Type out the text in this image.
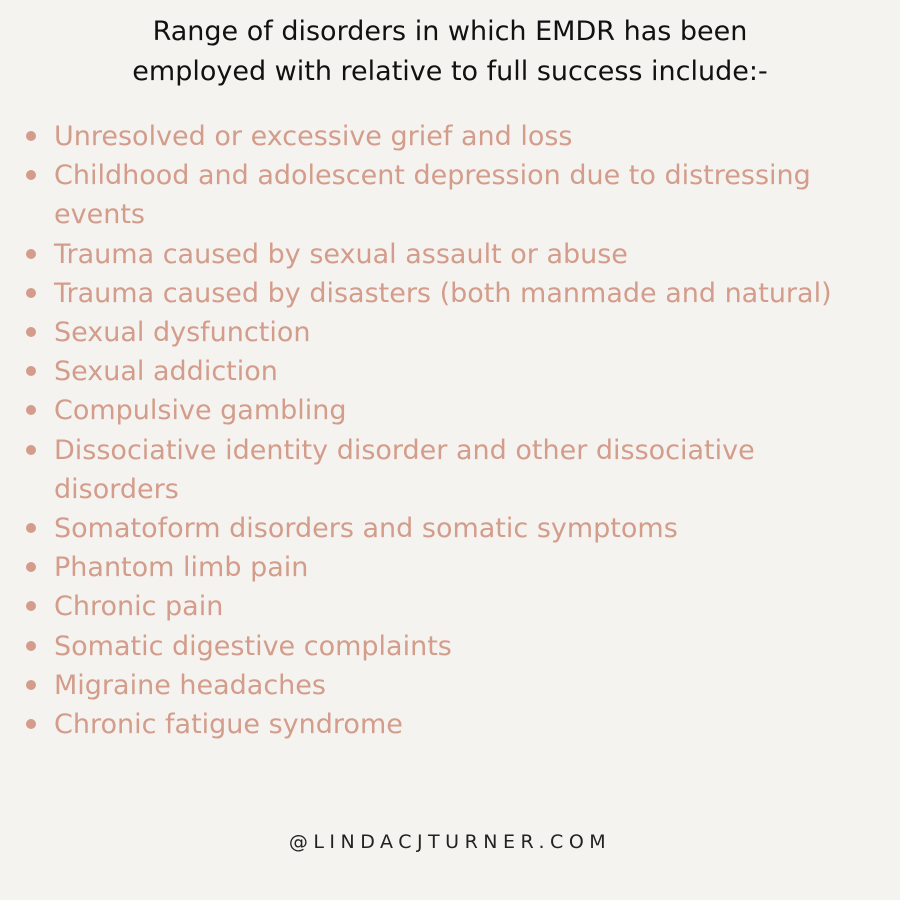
Range of disorders in which EMDR has been
employed with relative to full success include:-
Unresolved or excessive grief and loss
Childhood and adolescent depression due to distressing events
Trauma caused by sexual assault or abuse
Trauma caused by disasters (both manmade and natural)
Sexual dysfunction
Sexual addiction
Compulsive gambling
Dissociative identity disorder and other dissociative disorders
Somatoform disorders and somatic symptoms
Phantom limb pain
Chronic pain
Somatic digestive complaints
Migraine headaches
Chronic fatigue syndrome
@LINDACJTURNER.COM
